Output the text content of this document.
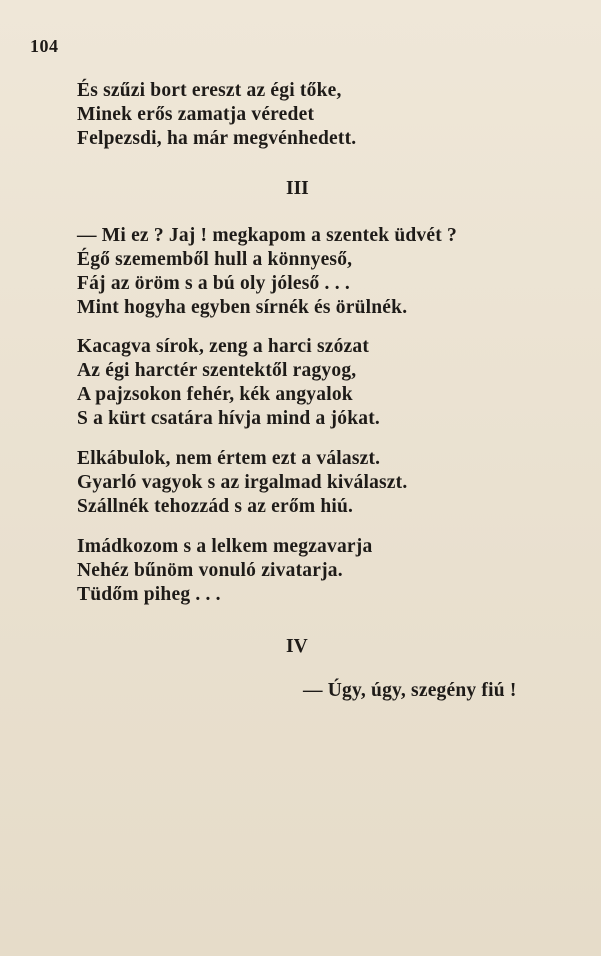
104
És szűzi bort ereszt az égi tőke,
Minek erős zamatja véredet
Felpezsdi, ha már megvénhedett.
III
— Mi ez ? Jaj ! megkapom a szentek üdvét ?
Égő szememből hull a könnyeső,
Fáj az öröm s a bú oly jóleső . . .
Mint hogyha egyben sírnék és örülnék.
Kacagva sírok, zeng a harci szózat
Az égi harctér szentektől ragyog,
A pajzsokon fehér, kék angyalok
S a kürt csatára hívja mind a jókat.
Elkábulok, nem értem ezt a választ.
Gyarló vagyok s az irgalmad kiválaszt.
Szállnék tehozzád s az erőm hiú.
Imádkozom s a lelkem megzavarja
Nehéz bűnöm vonuló zivatarja.
Tüdőm piheg . . .
IV
— Úgy, úgy, szegény fiú !
